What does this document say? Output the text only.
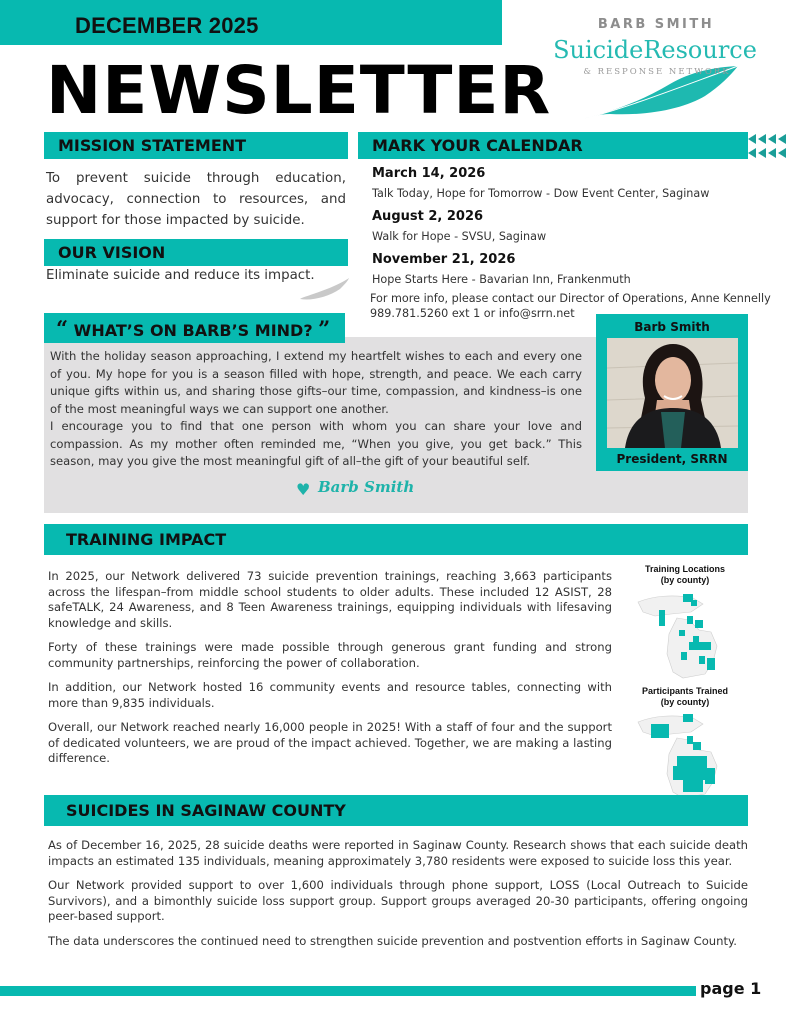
DECEMBER 2025
NEWSLETTER
BARB SMITH
SuicideResource
& RESPONSE NETWORK
MISSION STATEMENT
To prevent suicide through education, advocacy, connection to resources, and support for those impacted by suicide.
OUR VISION
Eliminate suicide and reduce its impact.
MARK YOUR CALENDAR
March 14, 2026
Talk Today, Hope for Tomorrow - Dow Event Center, Saginaw
August 2, 2026
Walk for Hope - SVSU, Saginaw
November 21, 2026
Hope Starts Here - Bavarian Inn, Frankenmuth
For more info, please contact our Director of Operations, Anne Kennelly
989.781.5260 ext 1 or info@srrn.net
“ WHAT’S ON BARB’S MIND? ”

With the holiday season approaching, I extend my heartfelt wishes to each and every one of you. My hope for you is a season filled with hope, strength, and peace. We each carry unique gifts within us, and sharing those gifts–our time, compassion, and kindness–is one of the most meaningful ways we can support one another.

I encourage you to find that one person with whom you can share your love and compassion. As my mother often reminded me, “When you give, you get back.” This season, may you give the most meaningful gift of all–the gift of your beautiful self.

♥ Barb Smith
Barb Smith
President, SRRN
TRAINING IMPACT

In 2025, our Network delivered 73 suicide prevention trainings, reaching 3,663 participants across the lifespan–from middle school students to older adults. These included 12 ASIST, 28 safeTALK, 24 Awareness, and 8 Teen Awareness trainings, equipping individuals with lifesaving knowledge and skills.

Forty of these trainings were made possible through generous grant funding and strong community partnerships, reinforcing the power of collaboration.

In addition, our Network hosted 16 community events and resource tables, connecting with more than 9,835 individuals.

Overall, our Network reached nearly 16,000 people in 2025! With a staff of four and the support of dedicated volunteers, we are proud of the impact achieved. Together, we are making a lasting difference.

Training Locations
(by county)
Participants Trained
(by county)
SUICIDES IN SAGINAW COUNTY

As of December 16, 2025, 28 suicide deaths were reported in Saginaw County. Research shows that each suicide death impacts an estimated 135 individuals, meaning approximately 3,780 residents were exposed to suicide loss this year.

Our Network provided support to over 1,600 individuals through phone support, LOSS (Local Outreach to Suicide Survivors), and a bimonthly suicide loss support group. Support groups averaged 20-30 participants, offering ongoing peer-based support.

The data underscores the continued need to strengthen suicide prevention and postvention efforts in Saginaw County.

page 1
